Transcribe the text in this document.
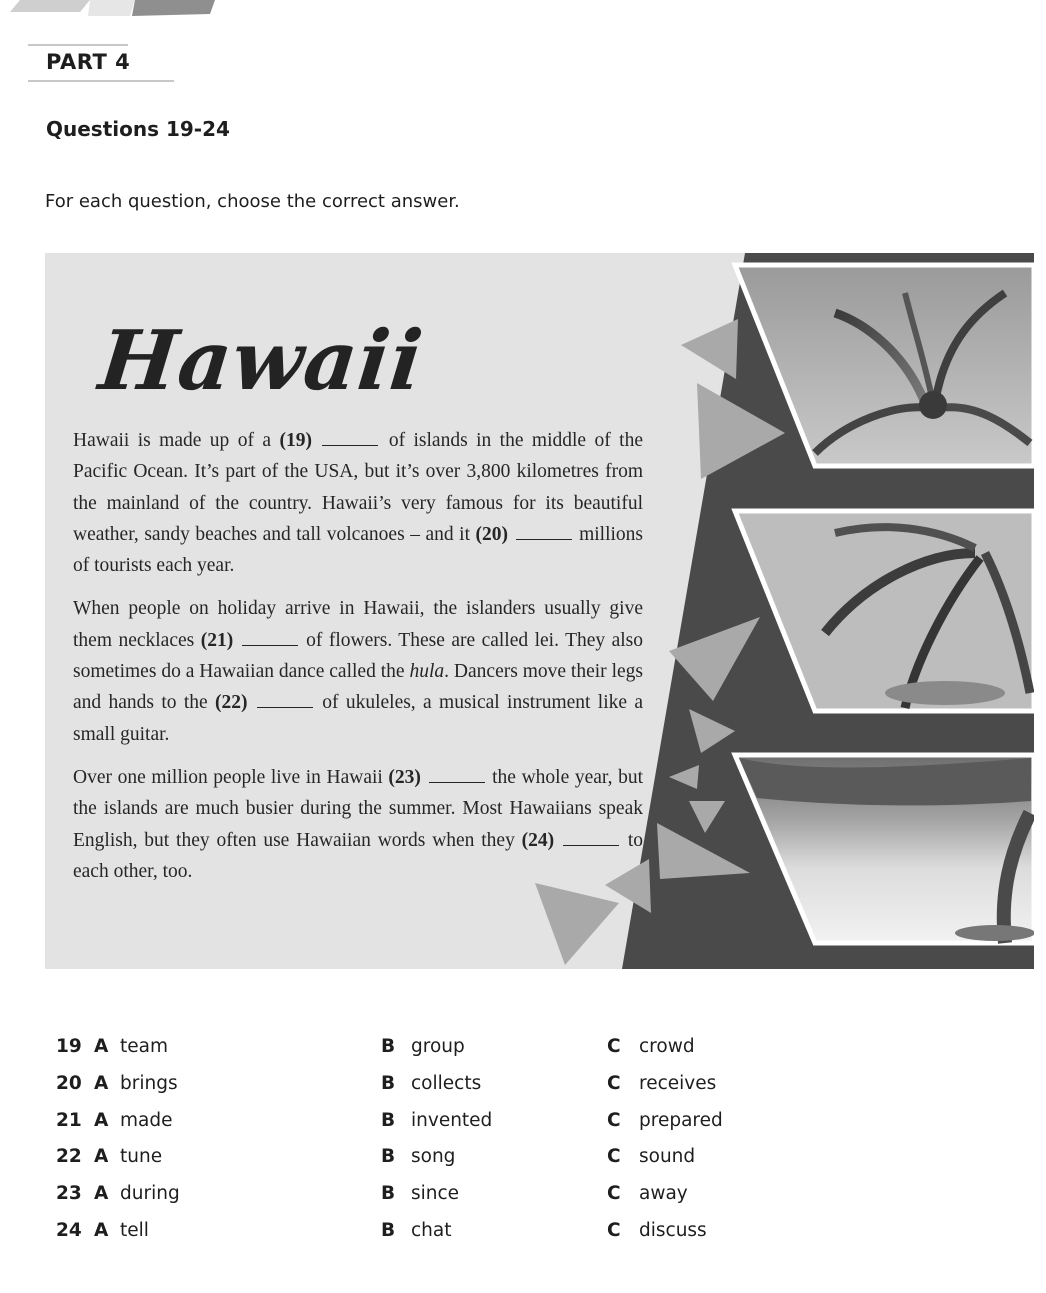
PART 4
Questions 19-24
For each question, choose the correct answer.
Hawaii

Hawaii is made up of a (19)	of islands in the middle of the Pacific Ocean. It’s part of the USA, but it’s over 3,800 kilometres from the mainland of the country. Hawaii’s very famous for its beautiful weather, sandy beaches and tall volcanoes – and it (20)	millions of tourists each year.

When people on holiday arrive in Hawaii, the islanders usually give them necklaces (21)	of flowers. These are called lei. They also sometimes do a Hawaiian dance called the hula. Dancers move their legs and hands to the (22)	of ukuleles, a musical instrument like a small guitar.

Over one million people live in Hawaii (23)	the whole year, but the islands are much busier during the summer. Most Hawaiians speak English, but they often use Hawaiian words when they (24)	to each other, too.

19 A team	B group	C crowd
20 A brings	B collects	C receives
21 A made	B invented	C prepared
22 A tune	B song	C sound
23 A during	B since	C away
24 A tell	B chat	C discuss
